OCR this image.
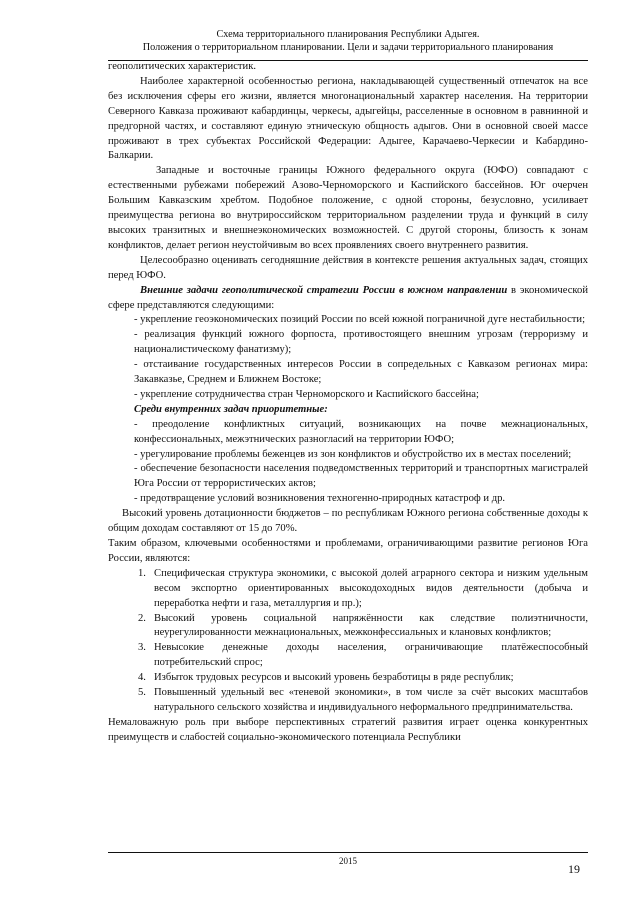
Схема территориального планирования Республики Адыгея.
Положения о территориальном планировании. Цели и задачи территориального планирования

геополитических характеристик.

Наиболее характерной особенностью региона, накладывающей существенный отпечаток на все без исключения сферы его жизни, является многонациональный характер населения. На территории Северного Кавказа проживают кабардинцы, черкесы, адыгейцы, расселенные в основном в равнинной и предгорной частях, и составляют единую этническую общность адыгов. Они в основной своей массе проживают в трех субъектах Российской Федерации: Адыгее, Карачаево-Черкесии и Кабардино-Балкарии.

Западные и восточные границы Южного федерального округа (ЮФО) совпадают с естественными рубежами побережий Азово-Черноморского и Каспийского бассейнов. Юг очерчен Большим Кавказским хребтом. Подобное положение, с одной стороны, безусловно, усиливает преимущества региона во внутрироссийском территориальном разделении труда и функций в силу высоких транзитных и внешнеэкономических возможностей. С другой стороны, близость к зонам конфликтов, делает регион неустойчивым во всех проявлениях своего внутреннего развития.

Целесообразно оценивать сегодняшние действия в контексте решения актуальных задач, стоящих перед ЮФО.

Внешние задачи геополитической стратегии России в южном направлении в экономической сфере представляются следующими:

- укрепление геоэкономических позиций России по всей южной пограничной дуге нестабильности;

- реализация функций южного форпоста, противостоящего внешним угрозам (терроризму и националистическому фанатизму);

- отстаивание государственных интересов России в сопредельных с Кавказом регионах мира: Закавказье, Среднем и Ближнем Востоке;

- укрепление сотрудничества стран Черноморского и Каспийского бассейна;

Среди внутренних задач приоритетные:

- преодоление конфликтных ситуаций, возникающих на почве межнациональных, конфессиональных, межэтнических разногласий на территории ЮФО;

- урегулирование проблемы беженцев из зон конфликтов и обустройство их в местах поселений;

- обеспечение безопасности населения подведомственных территорий и транспортных магистралей Юга России от террористических актов;

- предотвращение условий возникновения техногенно-природных катастроф и др.

Высокий уровень дотационности бюджетов – по республикам Южного региона собственные доходы к общим доходам составляют от 15 до 70%.

Таким образом, ключевыми особенностями и проблемами, ограничивающими развитие регионов Юга России, являются:

1. Специфическая структура экономики, с высокой долей аграрного сектора и низким удельным весом экспортно ориентированных высокодоходных видов деятельности (добыча и переработка нефти и газа, металлургия и пр.);
2. Высокий уровень социальной напряжённости как следствие полиэтничности, неурегулированности межнациональных, межконфессиальных и клановых конфликтов;
3. Невысокие денежные доходы населения, ограничивающие платёжеспособный потребительский спрос;
4. Избыток трудовых ресурсов и высокий уровень безработицы в ряде республик;
5. Повышенный удельный вес «теневой экономики», в том числе за счёт высоких масштабов натурального сельского хозяйства и индивидуального неформального предпринимательства.

Немаловажную роль при выборе перспективных стратегий развития играет оценка конкурентных преимуществ и слабостей социально-экономического потенциала Республики

2015
19
